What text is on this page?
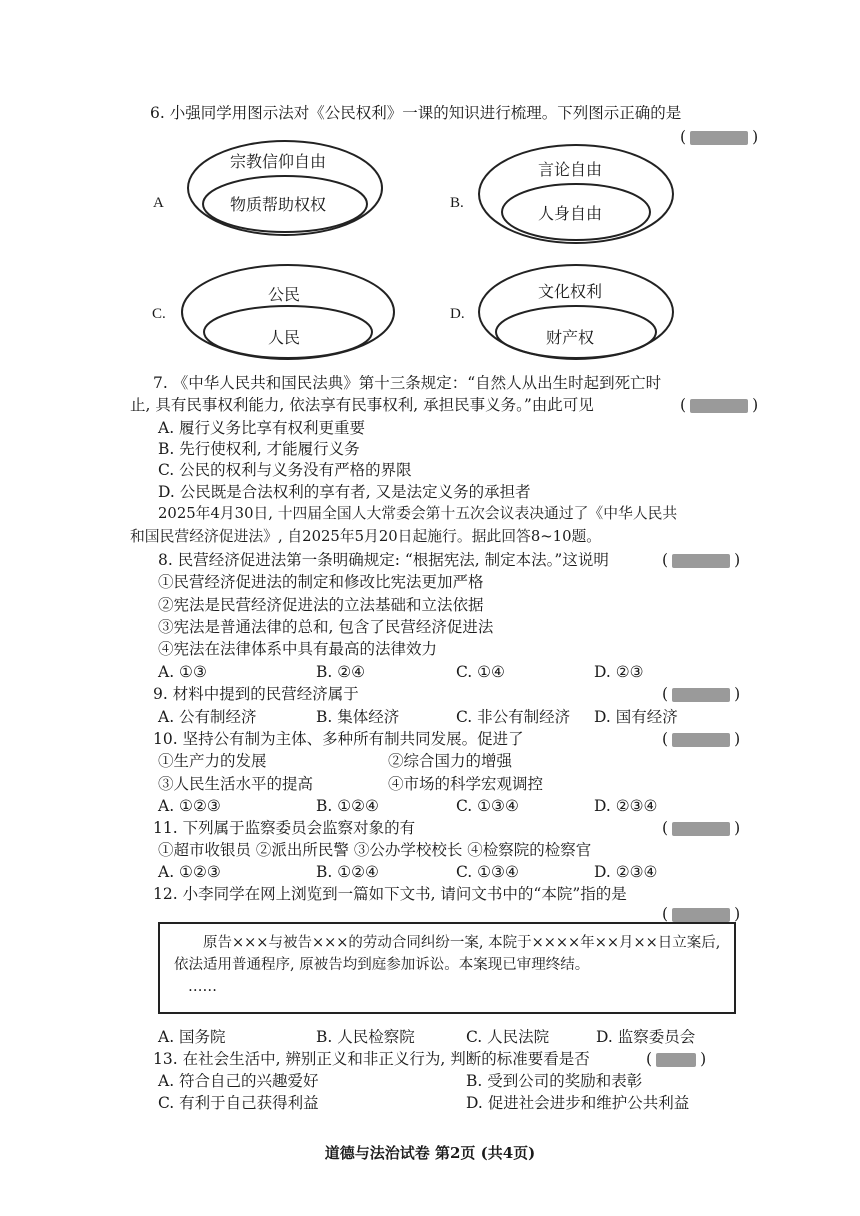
6. 小强同学用图示法对《公民权利》一课的知识进行梳理。下列图示正确的是
(	)
A
宗教信仰自由
物质帮助权权	B.
言论自由
人身自由
C.
公民
人民
D.
文化权利
财产权
7. 《中华人民共和国民法典》第十三条规定：“自然人从出生时起到死亡时
止, 具有民事权利能力, 依法享有民事权利, 承担民事义务。”由此可见	(	)
A. 履行义务比享有权利更重要
B. 先行使权利, 才能履行义务
C. 公民的权利与义务没有严格的界限
D. 公民既是合法权利的享有者, 又是法定义务的承担者
2025年4月30日, 十四届全国人大常委会第十五次会议表决通过了《中华人民共
和国民营经济促进法》, 自2025年5月20日起施行。据此回答8~10题。
8. 民营经济促进法第一条明确规定: “根据宪法, 制定本法。”这说明	(	)
①民营经济促进法的制定和修改比宪法更加严格
②宪法是民营经济促进法的立法基础和立法依据
③宪法是普通法律的总和, 包含了民营经济促进法
④宪法在法律体系中具有最高的法律效力
A. ①③	B. ②④	C. ①④	D. ②③
9. 材料中提到的民营经济属于	(	)
A. 公有制经济	B. 集体经济	C. 非公有制经济 D. 国有经济
10. 坚持公有制为主体、多种所有制共同发展。促进了	(	)
①生产力的发展	②综合国力的增强
③人民生活水平的提高	④市场的科学宏观调控
A. ①②③	B. ①②④	C. ①③④	D. ②③④
11. 下列属于监察委员会监察对象的有	(	)
①超市收银员 ②派出所民警 ③公办学校校长 ④检察院的检察官
A. ①②③	B. ①②④	C. ①③④	D. ②③④
12. 小李同学在网上浏览到一篇如下文书, 请问文书中的“本院”指的是
(	)

原告×××与被告×××的劳动合同纠纷一案, 本院于××××年××月××日立案后, 依法适用普通程序, 原被告均到庭参加诉讼。本案现已审理终结。

……
A. 国务院	B. 人民检察院	C. 人民法院	D. 监察委员会
13. 在社会生活中, 辨别正义和非正义行为, 判断的标准要看是否	(	)
A. 符合自己的兴趣爱好	B. 受到公司的奖励和表彰
C. 有利于自己获得利益	D. 促进社会进步和维护公共利益
道德与法治试卷 第2页 (共4页)
